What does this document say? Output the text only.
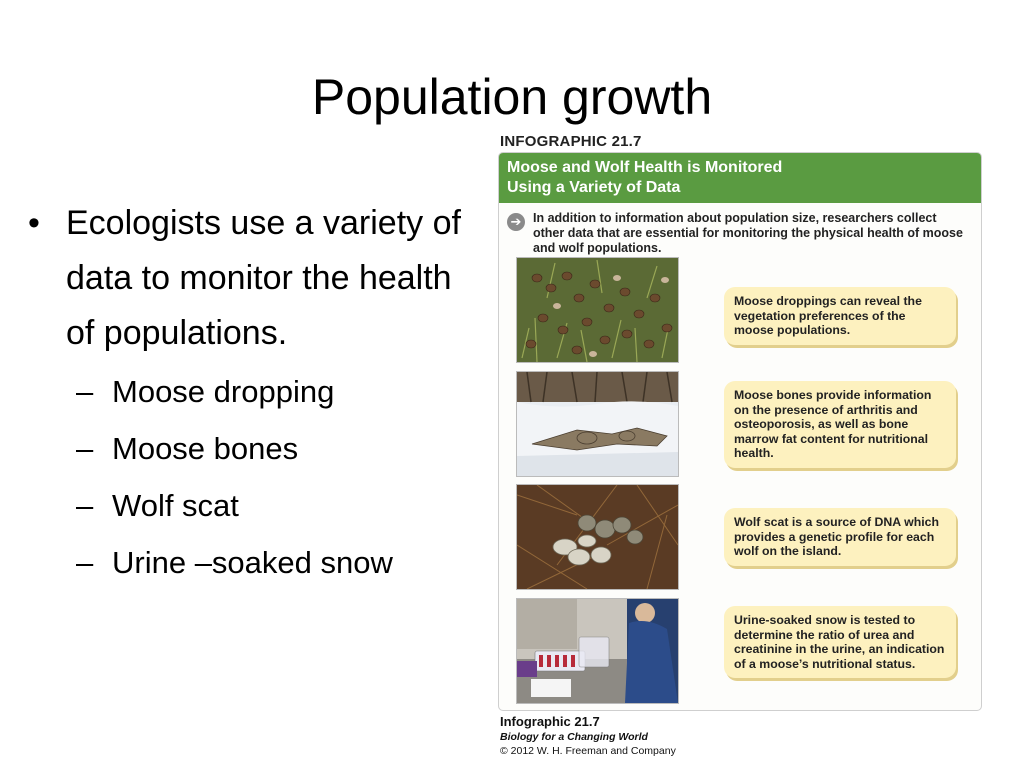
Population growth
• Ecologists use a variety of data to monitor the health of populations.
– Moose dropping
– Moose bones
– Wolf scat
– Urine –soaked snow
INFOGRAPHIC 21.7
Moose and Wolf Health is Monitored
Using a Variety of Data
➔ In addition to information about population size, researchers collect other data that are essential for monitoring the physical health of moose and wolf populations.
Moose droppings can reveal the vegetation preferences of the moose populations.
Moose bones provide information on the presence of arthritis and osteoporosis, as well as bone marrow fat content for nutritional health.
Wolf scat is a source of DNA which provides a genetic profile for each wolf on the island.
Urine-soaked snow is tested to determine the ratio of urea and creatinine in the urine, an indication of a moose’s nutritional status.
Infographic 21.7
Biology for a Changing World
© 2012 W. H. Freeman and Company
